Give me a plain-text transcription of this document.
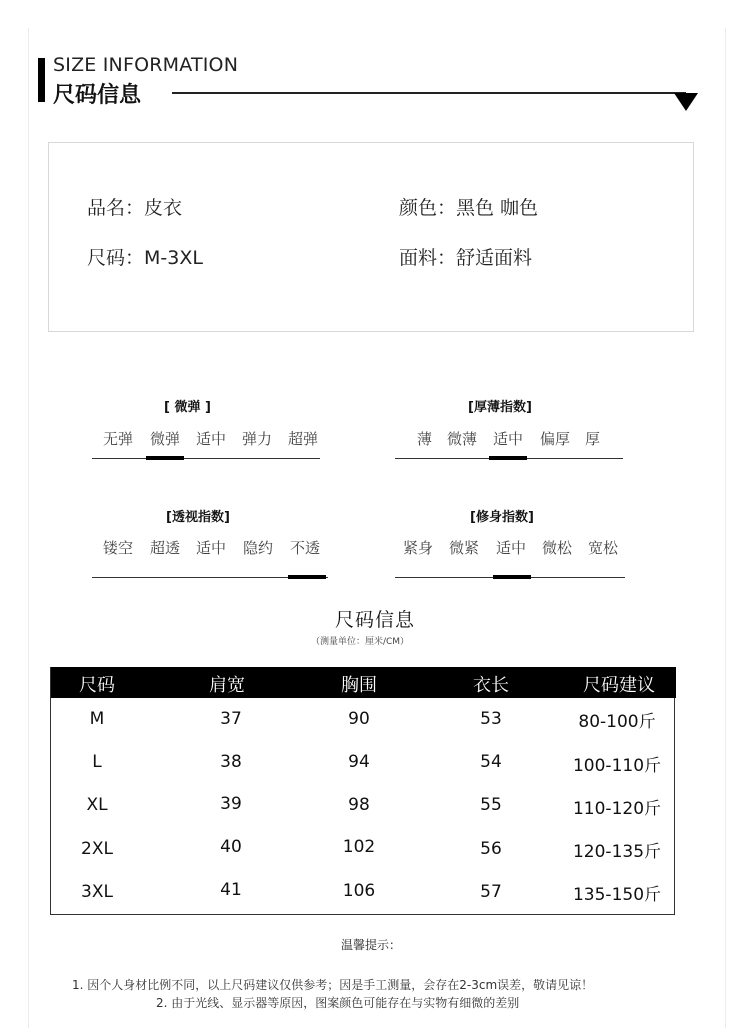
SIZE INFORMATION
尺码信息
品名：皮衣	颜色：黑色 咖色
尺码：M-3XL	面料：舒适面料
[ 微弹 ]
无弹 微弹 适中 弹力 超弹
[厚薄指数]
薄 微薄 适中 偏厚 厚
[透视指数]
镂空 超透 适中 隐约 不透
[修身指数]
紧身 微紧 适中 微松 宽松
尺码信息
（测量单位：厘米/CM）
尺码	肩宽	胸围	衣长	尺码建议
M	37	90	53	80-100斤
L	38	94	54	100-110斤
XL	39	98	55	110-120斤
2XL	40	102	56	120-135斤
3XL	41	106	57	135-150斤
温馨提示：
1. 因个人身材比例不同，以上尺码建议仅供参考；因是手工测量，会存在2-3cm误差，敬请见谅！
2. 由于光线、显示器等原因，图案颜色可能存在与实物有细微的差别
